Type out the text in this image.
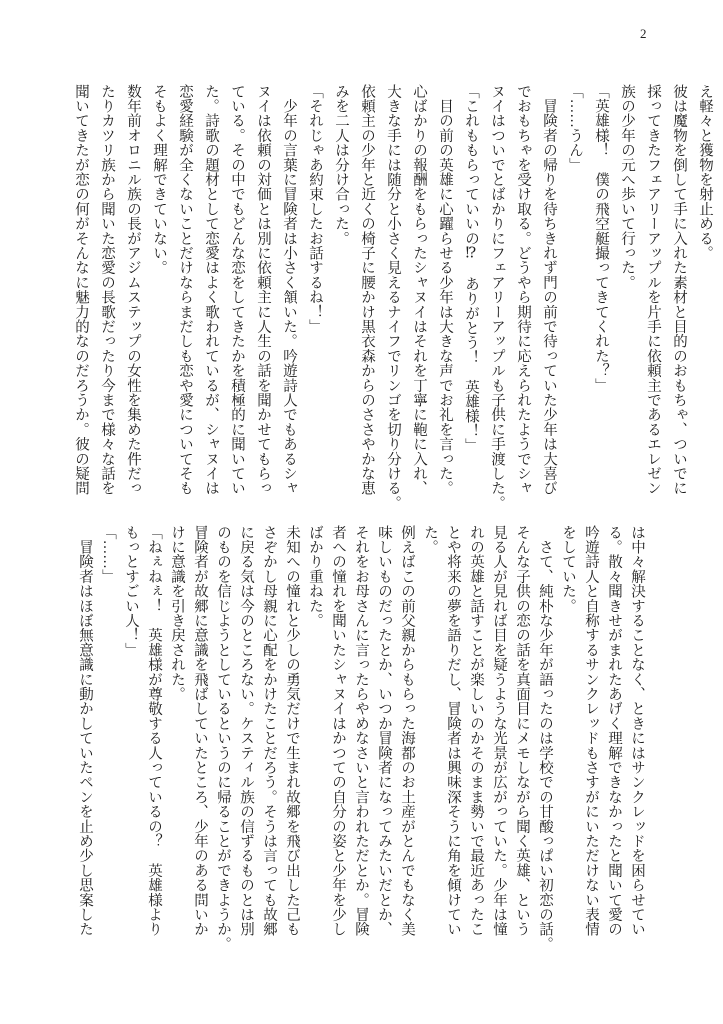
2
え軽々と獲物を射止める。
彼は魔物を倒して手に入れた素材と目的のおもちゃ、ついでに
採ってきたフェアリーアップルを片手に依頼主であるエレゼン
族の少年の元へ歩いて行った。
「英雄様！　僕の飛空艇撮ってきてくれた？」
「……うん」
　冒険者の帰りを待ちきれず門の前で待っていた少年は大喜び
でおもちゃを受け取る。どうやら期待に応えられたようでシャ
ヌイはついでとばかりにフェアリーアップルも子供に手渡した。
「これももらっていいの⁉　ありがとう！　英雄様！」
　目の前の英雄に心躍らせる少年は大きな声でお礼を言った。
心ばかりの報酬をもらったシャヌイはそれを丁寧に鞄に入れ、
大きな手には随分と小さく見えるナイフでリンゴを切り分ける。
依頼主の少年と近くの椅子に腰かけ黒衣森からのささやかな恵
みを二人は分け合った。
「それじゃあ約束したお話するね！」
　少年の言葉に冒険者は小さく頷いた。吟遊詩人でもあるシャ
ヌイは依頼の対価とは別に依頼主に人生の話を聞かせてもらっ
ている。その中でもどんな恋をしてきたかを積極的に聞いてい
た。詩歌の題材として恋愛はよく歌われているが、シャヌイは
恋愛経験が全くないことだけならまだしも恋や愛についてそも
そもよく理解できていない。
数年前オロニル族の長がアジムステップの女性を集めた件だっ
たりカツリ族から聞いた恋愛の長歌だったり今まで様々な話を
聞いてきたが恋の何がそんなに魅力的なのだろうか。彼の疑問
は中々解決することなく、ときにはサンクレッドを困らせてい
る。散々聞きせがまれたあげく理解できなかったと聞いて愛の
吟遊詩人と自称するサンクレッドもさすがにいただけない表情
をしていた。
　さて、純朴な少年が語ったのは学校での甘酸っぱい初恋の話。
そんな子供の恋の話を真面目にメモしながら聞く英雄、という
見る人が見れば目を疑うような光景が広がっていた。少年は憧
れの英雄と話すことが楽しいのかそのまま勢いで最近あったこ
とや将来の夢を語りだし、冒険者は興味深そうに角を傾けてい
た。
例えばこの前父親からもらった海都のお土産がとんでもなく美
味しいものだったとか、いつか冒険者になってみたいだとか、
それをお母さんに言ったらやめなさいと言われただとか。冒険
者への憧れを聞いたシャヌイはかつての自分の姿と少年を少し
ばかり重ねた。
未知への憧れと少しの勇気だけで生まれ故郷を飛び出した己も
さぞかし母親に心配をかけたことだろう。そうは言っても故郷
に戻る気は今のところない。ケスティル族の信ずるものとは別
のものを信じようとしているというのに帰ることができようか。
冒険者が故郷に意識を飛ばしていたところ、少年のある問いか
けに意識を引き戻された。
「ねぇねぇ！　英雄様が尊敬する人っているの？　英雄様より
もっとすごい人！」
「……」
　冒険者はほぼ無意識に動かしていたペンを止め少し思案した
